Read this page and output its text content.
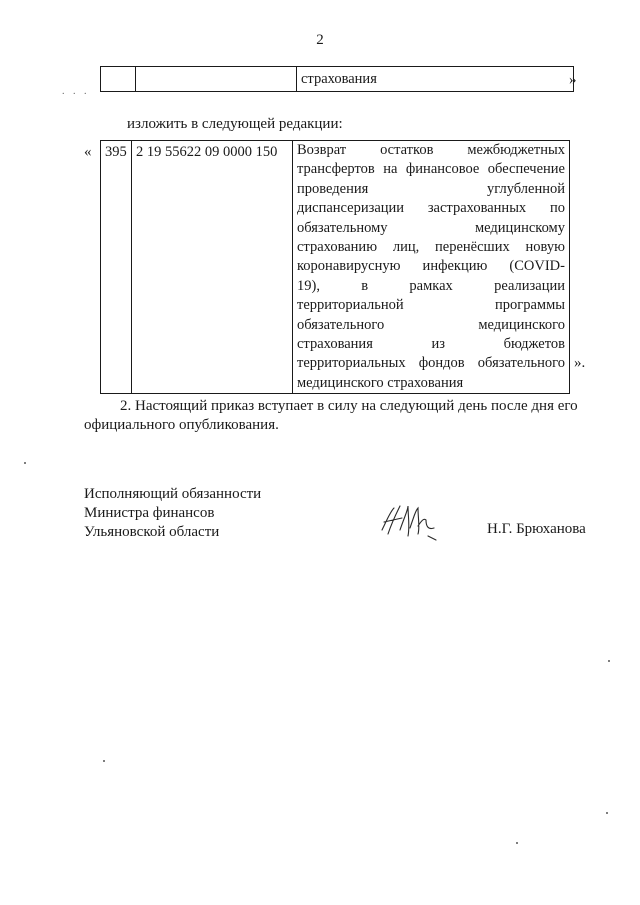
2
. . .
		страхования	»
изложить в следующей редакции:
« 395	2 19 55622 09 0000 150	Возврат остатков межбюджетных
трансфертов на финансовое обеспечение
проведения углубленной
диспансеризации застрахованных по
обязательному медицинскому
страхованию лиц, перенёсших новую
коронавирусную инфекцию (COVID-
19), в рамках реализации
территориальной программы
обязательного медицинского
страхования из бюджетов
территориальных фондов обязательного
медицинского страхования
».
2. Настоящий приказ вступает в силу на следующий день после дня его
официального опубликования.
Исполняющий обязанности
Министра финансов
Ульяновской области	Н.Г. Брюханова
